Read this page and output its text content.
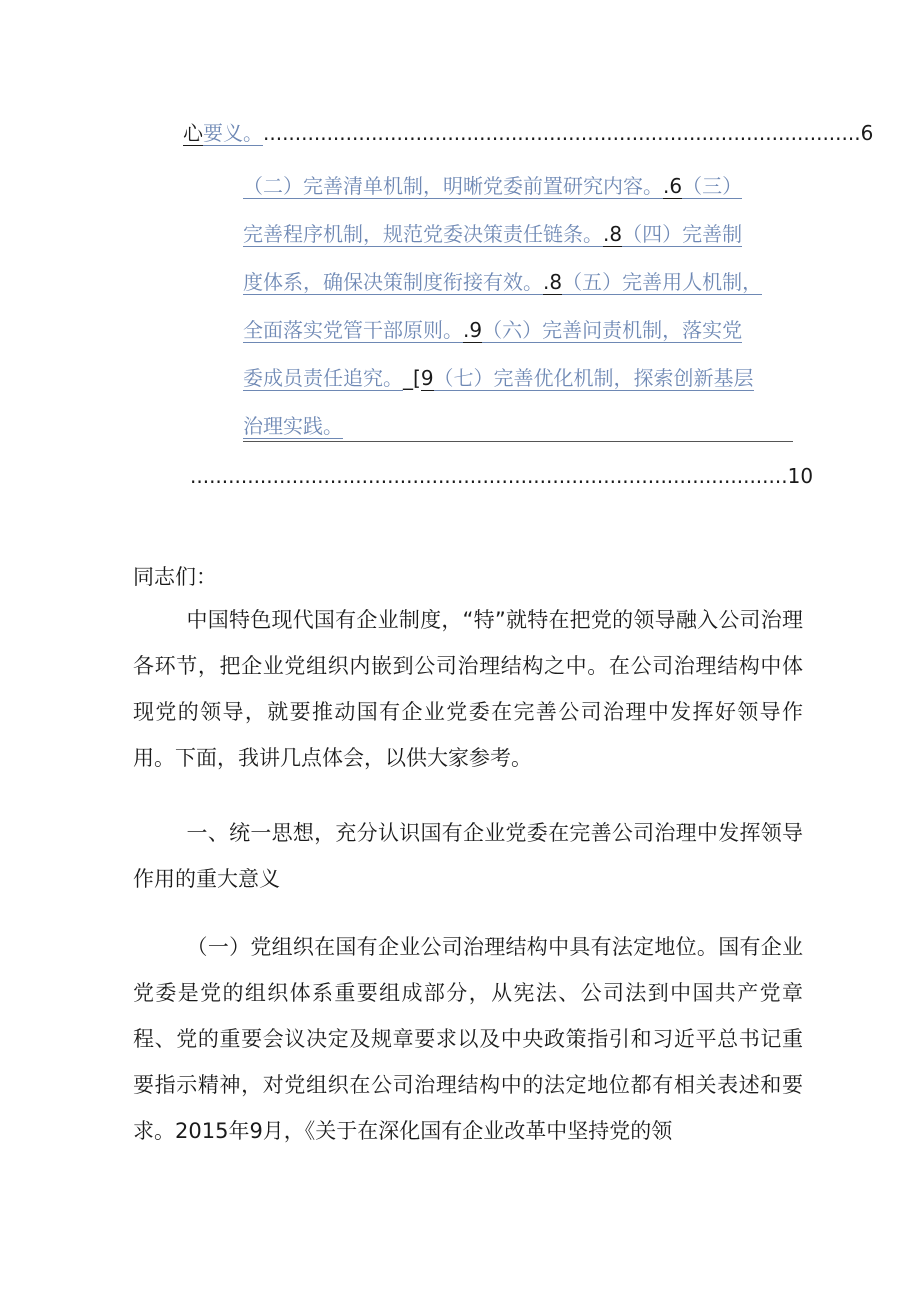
心要义。..............................................................................................6
（二）完善清单机制，明晰党委前置研究内容。.6（三）
完善程序机制，规范党委决策责任链条。.8（四）完善制
度体系，确保决策制度衔接有效。.8（五）完善用人机制，
全面落实党管干部原则。.9（六）完善问责机制，落实党
委成员责任追究。_[9（七）完善优化机制，探索创新基层
治理实践。
..............................................................................................10

同志们：

中国特色现代国有企业制度，“特”就特在把党的领导融入公司治理各环节，把企业党组织内嵌到公司治理结构之中。在公司治理结构中体现党的领导，就要推动国有企业党委在完善公司治理中发挥好领导作用。下面，我讲几点体会，以供大家参考。

一、统一思想，充分认识国有企业党委在完善公司治理中发挥领导作用的重大意义

（一）党组织在国有企业公司治理结构中具有法定地位。国有企业党委是党的组织体系重要组成部分，从宪法、公司法到中国共产党章程、党的重要会议决定及规章要求以及中央政策指引和习近平总书记重要指示精神，对党组织在公司治理结构中的法定地位都有相关表述和要求。2015年9月，《关于在深化国有企业改革中坚持党的领
